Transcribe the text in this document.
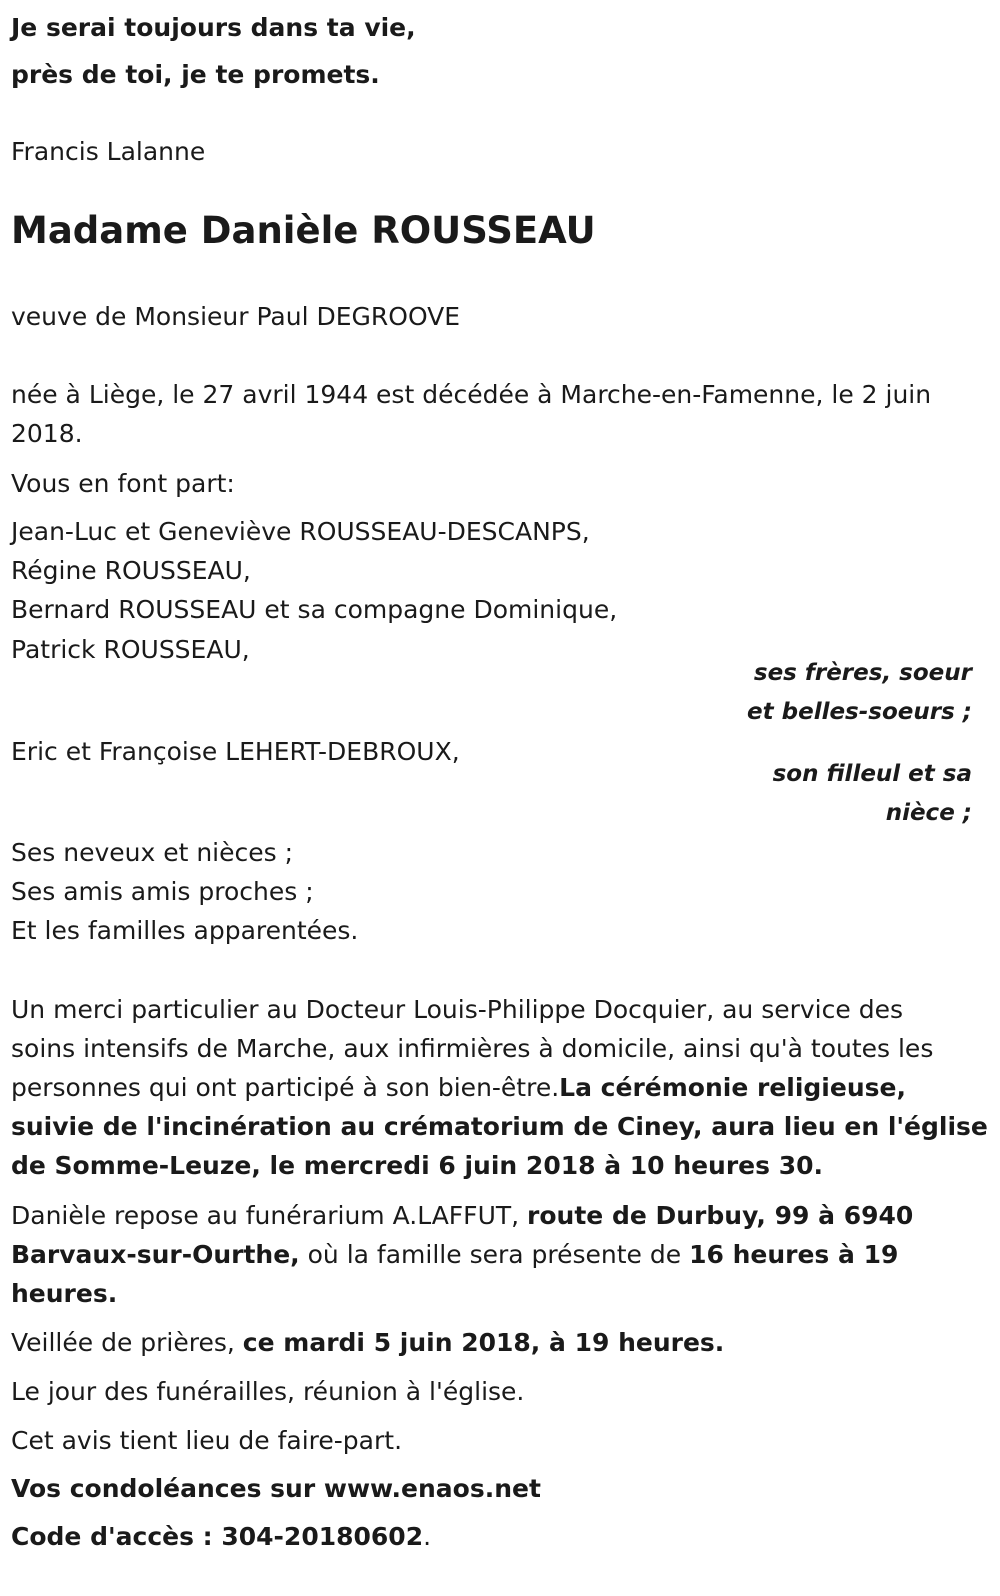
Je serai toujours dans ta vie,
près de toi, je te promets.
Francis Lalanne
Madame Danièle ROUSSEAU
veuve de Monsieur Paul DEGROOVE
née à Liège, le 27 avril 1944 est décédée à Marche-en-Famenne, le 2 juin
2018.
Vous en font part:
Jean-Luc et Geneviève ROUSSEAU-DESCANPS,
Régine ROUSSEAU,
Bernard ROUSSEAU et sa compagne Dominique,
Patrick ROUSSEAU,
ses frères, soeur
et belles-soeurs ;
Eric et Françoise LEHERT-DEBROUX,
son filleul et sa
nièce ;
Ses neveux et nièces ;
Ses amis amis proches ;
Et les familles apparentées.
Un merci particulier au Docteur Louis-Philippe Docquier, au service des
soins intensifs de Marche, aux infirmières à domicile, ainsi qu'à toutes les
personnes qui ont participé à son bien-être.La cérémonie religieuse,
suivie de l'incinération au crématorium de Ciney, aura lieu en l'église
de Somme-Leuze, le mercredi 6 juin 2018 à 10 heures 30.
Danièle repose au funérarium A.LAFFUT, route de Durbuy, 99 à 6940
Barvaux-sur-Ourthe, où la famille sera présente de 16 heures à 19
heures.
Veillée de prières, ce mardi 5 juin 2018, à 19 heures.
Le jour des funérailles, réunion à l'église.
Cet avis tient lieu de faire-part.
Vos condoléances sur www.enaos.net
Code d'accès : 304-20180602.
